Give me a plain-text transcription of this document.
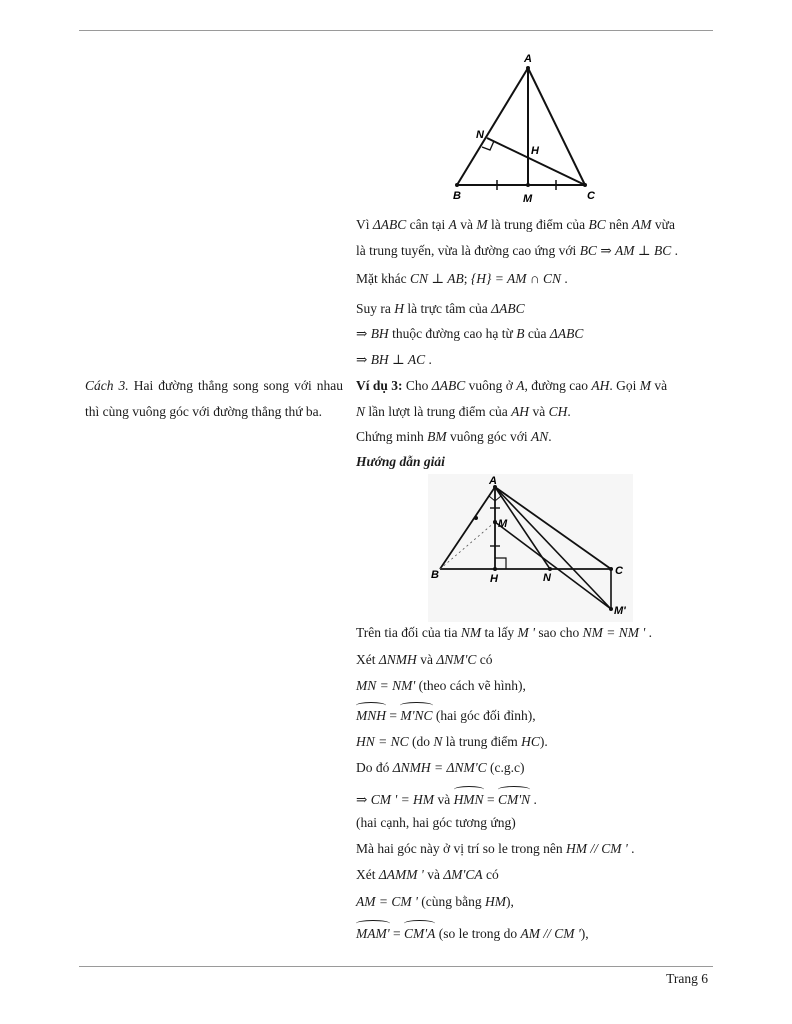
A
B	C
M
N
H
Cách 3. Hai đường thẳng song song với nhau thì cùng vuông góc với đường thẳng thứ ba.
Vì ΔABC cân tại A và M là trung điểm của BC nên AM vừa
là trung tuyến, vừa là đường cao ứng với BC ⇒ AM ⊥ BC .
Mặt khác CN ⊥ AB; {H} = AM ∩ CN .
Suy ra H là trực tâm của ΔABC
⇒ BH thuộc đường cao hạ từ B của ΔABC
⇒ BH ⊥ AC .
Ví dụ 3: Cho ΔABC vuông ở A, đường cao AH. Gọi M và
N lần lượt là trung điểm của AH và CH.
Chứng minh BM vuông góc với AN.
Hướng dẫn giải
Trên tia đối của tia NM ta lấy M ' sao cho NM = NM ' .
Xét ΔNMH và ΔNM'C có
MN = NM' (theo cách vẽ hình),
MNH = M'NC (hai góc đối đỉnh),
HN = NC (do N là trung điểm HC).
Do đó ΔNMH = ΔNM'C (c.g.c)
⇒ CM ' = HM và HMN = CM'N .
(hai cạnh, hai góc tương ứng)
Mà hai góc này ở vị trí so le trong nên HM // CM ' .
Xét ΔAMM ' và ΔM'CA có
AM = CM ' (cùng bằng HM),
MAM' = CM'A (so le trong do AM // CM '),
A
M
B	H	N
C
M'
Trang 6
